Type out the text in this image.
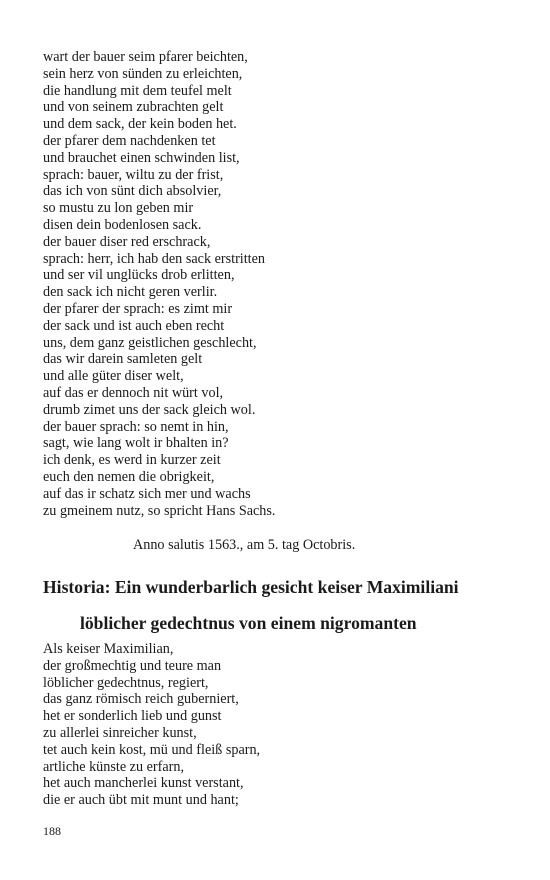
wart der bauer seim pfarer beichten,
sein herz von sünden zu erleichten,
die handlung mit dem teufel melt
und von seinem zubrachten gelt
und dem sack, der kein boden het.
der pfarer dem nachdenken tet
und brauchet einen schwinden list,
sprach: bauer, wiltu zu der frist,
das ich von sünt dich absolvier,
so mustu zu lon geben mir
disen dein bodenlosen sack.
der bauer diser red erschrack,
sprach: herr, ich hab den sack erstritten
und ser vil unglücks drob erlitten,
den sack ich nicht geren verlir.
der pfarer der sprach: es zimt mir
der sack und ist auch eben recht
uns, dem ganz geistlichen geschlecht,
das wir darein samleten gelt
und alle güter diser welt,
auf das er dennoch nit würt vol,
drumb zimet uns der sack gleich wol.
der bauer sprach: so nemt in hin,
sagt, wie lang wolt ir bhalten in?
ich denk, es werd in kurzer zeit
euch den nemen die obrigkeit,
auf das ir schatz sich mer und wachs
zu gmeinem nutz, so spricht Hans Sachs.
Anno salutis 1563., am 5. tag Octobris.
Historia: Ein wunderbarlich gesicht keiser Maximiliani
löblicher gedechtnus von einem nigromanten
Als keiser Maximilian,
der großmechtig und teure man
löblicher gedechtnus, regiert,
das ganz römisch reich guberniert,
het er sonderlich lieb und gunst
zu allerlei sinreicher kunst,
tet auch kein kost, mü und fleiß sparn,
artliche künste zu erfarn,
het auch mancherlei kunst verstant,
die er auch übt mit munt und hant;
188
